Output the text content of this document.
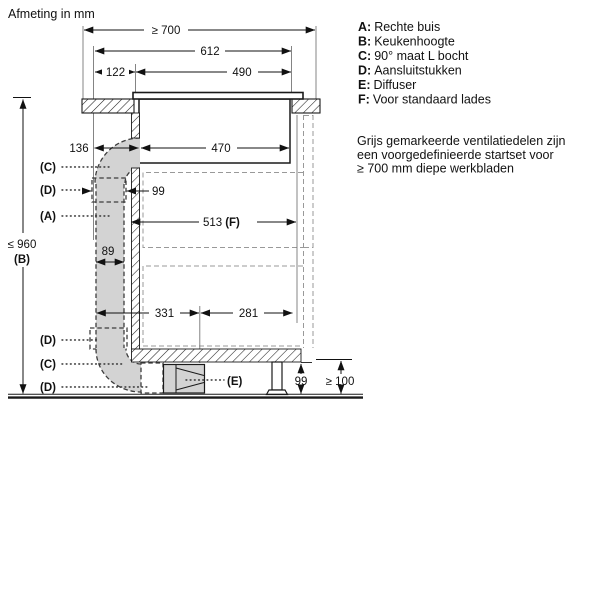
≥ 700
612
122	490
470
136
99
513 (F)
89
331	281
99 ≥ 100
≤ 960
(B)
(C)
(D)
(A)
(D)
(C)
(D)	(E)
Afmeting in mm
A: Rechte buis
B: Keukenhoogte
C: 90° maat L bocht
D: Aansluitstukken
E: Diffuser
F: Voor standaard lades
Grijs gemarkeerde ventilatiedelen zijn
een voorgedefinieerde startset voor
≥ 700 mm diepe werkbladen
